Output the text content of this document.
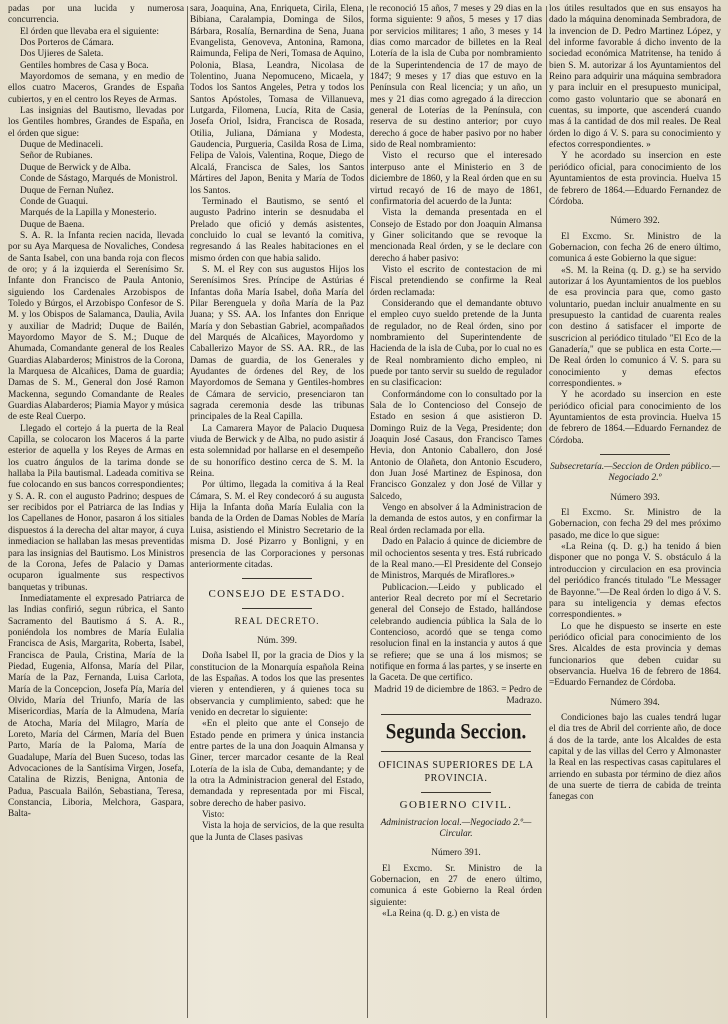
padas por una lucida y numerosa concurrencia.

El órden que llevaba era el siguiente:

Dos Porteros de Cámara.

Dos Ujieres de Saleta.

Gentiles hombres de Casa y Boca.

Mayordomos de semana, y en medio de ellos cuatro Maceros, Grandes de España cubiertos, y en el centro los Reyes de Armas.

Las insignias del Bautismo, llevadas por los Gentiles hombres, Grandes de España, en el órden que sigue:

Duque de Medinaceli.

Señor de Rubianes.

Duque de Berwick y de Alba.

Conde de Sástago, Marqués de Monistrol.

Duque de Fernan Nuñez.

Conde de Guaqui.

Marqués de la Lapilla y Monesterio.

Duque de Baena.

S. A. R. la Infanta recien nacida, llevada por su Aya Marquesa de Novaliches, Condesa de Santa Isabel, con una banda roja con flecos de oro; y á la izquierda el Serenísimo Sr. Infante don Francisco de Paula Antonio, siguiendo los Cardenales Arzobispos de Toledo y Búrgos, el Arzobispo Confesor de S. M. y los Obispos de Salamanca, Daulia, Avila y auxiliar de Madrid; Duque de Bailén, Mayordomo Mayor de S. M.; Duque de Ahumada, Comandante general de los Reales Guardias Alabarderos; Ministros de la Corona, la Marquesa de Alcañices, Dama de guardia; Damas de S. M., General don José Ramon Mackenna, segundo Comandante de Reales Guardias Alabarderos; Piamia Mayor y música de este Real Cuerpo.

Llegado el cortejo á la puerta de la Real Capilla, se colocaron los Maceros á la parte esterior de aquella y los Reyes de Armas en los cuatro ángulos de la tarima donde se hallaba la Pila bautismal. Ladeada comitiva se fue colocando en sus bancos correspondientes; y S. A. R. con el augusto Padrino; despues de ser recibidos por el Patriarca de las Indias y los Capellanes de Honor, pasaron á los sitiales dispuestos á la derecha del altar mayor, á cuya inmediacion se hallaban las mesas preventidas para las insignias del Bautismo. Los Ministros de la Corona, Jefes de Palacio y Damas ocuparon igualmente sus respectivos banquetas y tribunas.

Inmediatamente el expresado Patriarca de las Indias confirió, segun rúbrica, el Santo Sacramento del Bautismo á S. A. R., poniéndola los nombres de María Eulalia Francisca de Asis, Margarita, Roberta, Isabel, Francisca de Paula, Cristina, María de la Piedad, Eugenia, Alfonsa, María del Pilar, María de la Paz, Fernanda, Luisa Carlota, María de la Concepcion, Josefa Pía, María del Olvido, María del Triunfo, María de las Misericordias, María de la Almudena, María de Atocha, María del Milagro, María de Loreto, María del Cármen, María del Buen Parto, María de la Paloma, María de Guadalupe, María del Buen Suceso, todas las Advocaciones de la Santísima Virgen, Josefa, Catalina de Rizzis, Benigna, Antonia de Padua, Pascuala Bailón, Sebastiana, Teresa, Constancia, Liboria, Melchora, Gaspara, Balta-

sara, Joaquina, Ana, Enriqueta, Cirila, Elena, Bibiana, Caralampia, Dominga de Silos, Bárbara, Rosalía, Bernardina de Sena, Juana Evangelista, Genoveva, Antonina, Ramona, Raimunda, Felipa de Neri, Tomasa de Aquino, Polonia, Blasa, Leandra, Nicolasa de Tolentino, Juana Nepomuceno, Micaela, y Todos los Santos Angeles, Petra y todos los Santos Apóstoles, Tomasa de Villanueva, Lutgarda, Filomena, Lucía, Rita de Casia, Josefa Oriol, Isidra, Francisca de Rosada, Otilia, Juliana, Dámiana y Modesta, Gaudencia, Purgueria, Casilda Rosa de Lima, Felipa de Valois, Valentina, Roque, Diego de Alcalá, Francisca de Sales, los Santos Mártires del Japon, Benita y María de Todos los Santos.

Terminado el Bautismo, se sentó el augusto Padrino interin se desnudaba el Prelado que ofició y demás asistentes, concluido lo cual se levantó la comitiva, regresando á las Reales habitaciones en el mismo órden con que habia salido.

S. M. el Rey con sus augustos Hijos los Serenísimos Sres. Príncipe de Astúrias é Infantas doña María Isabel, doña María del Pilar Berenguela y doña María de la Paz Juana; y SS. AA. los Infantes don Enrique María y don Sebastian Gabriel, acompañados del Marqués de Alcañices, Mayordomo y Caballerizo Mayor de SS. AA. RR., de las Damas de guardia, de los Generales y Ayudantes de órdenes del Rey, de los Mayordomos de Semana y Gentiles-hombres de Cámara de servicio, presenciaron tan sagrada ceremonia desde las tribunas principales de la Real Capilla.

La Camarera Mayor de Palacio Duquesa viuda de Berwick y de Alba, no pudo asistir á esta solemnidad por hallarse en el desempeño de su honorífico destino cerca de S. M. la Reina.

Por último, llegada la comitiva á la Real Cámara, S. M. el Rey condecoró á su augusta Hija la Infanta doña María Eulalia con la banda de la Orden de Damas Nobles de María Luisa, asistiendo el Ministro Secretario de la misma D. José Pizarro y Bonligni, y en presencia de las Corporaciones y personas anteriormente citadas.

CONSEJO DE ESTADO.

REAL DECRETO.

Núm. 399.

Doña Isabel II, por la gracia de Dios y la constitucion de la Monarquía española Reina de las Españas. A todos los que las presentes vieren y entendieren, y á quienes toca su observancia y cumplimiento, sabed: que he venido en decretar lo siguiente:

«En el pleito que ante el Consejo de Estado pende en primera y única instancia entre partes de la una don Joaquin Almansa y Giner, tercer marcador cesante de la Real Lotería de la isla de Cuba, demandante; y de la otra la Administracion general del Estado, demandada y representada por mi Fiscal, sobre derecho de haber pasivo.

Visto:

Vista la hoja de servicios, de la que resulta que la Junta de Clases pasivas

le reconoció 15 años, 7 meses y 29 dias en la forma siguiente: 9 años, 5 meses y 17 dias por servicios militares; 1 año, 3 meses y 14 dias como marcador de billetes en la Real Lotería de la isla de Cuba por nombramiento de la Superintendencia de 17 de mayo de 1847; 9 meses y 17 dias que estuvo en la Península con Real licencia; y un año, un mes y 21 dias como agregado á la direccion general de Loterías de la Península, con reserva de su destino anterior; por cuyo derecho á goce de haber pasivo por no haber sido de Real nombramiento:

Visto el recurso que el interesado interpuso ante el Ministerio en 3 de diciembre de 1860, y la Real órden que en su virtud recayó de 16 de mayo de 1861, confirmatoria del acuerdo de la Junta:

Vista la demanda presentada en el Consejo de Estado por don Joaquin Almansa y Giner solicitando que se revoque la mencionada Real órden, y se le declare con derecho á haber pasivo:

Visto el escrito de contestacion de mi Fiscal pretendiendo se confirme la Real órden reclamada:

Considerando que el demandante obtuvo el empleo cuyo sueldo pretende de la Junta de regulador, no de Real órden, sino por nombramiento del Superintendente de Hacienda de la isla de Cuba, por lo cual no es de Real nombramiento dicho empleo, ni puede por tanto servir su sueldo de regulador en su clasificacion:

Conformándome con lo consultado por la Sala de lo Contencioso del Consejo de Estado en sesion á que asistieron D. Domingo Ruiz de la Vega, Presidente; don Joaquin José Casaus, don Francisco Tames Hevia, don Antonio Caballero, don José Antonio de Olañeta, don Antonio Escudero, don Juan José Martinez de Espinosa, don Francisco Gonzalez y don José de Villar y Salcedo,

Vengo en absolver á la Administracion de la demanda de estos autos, y en confirmar la Real órden reclamada por ella.

Dado en Palacio á quince de diciembre de mil ochocientos sesenta y tres. Está rubricado de la Real mano.—El Presidente del Consejo de Ministros, Marqués de Miraflores.»

Publicacion.—Leido y publicado el anterior Real decreto por mí el Secretario general del Consejo de Estado, hallándose celebrando audiencia pública la Sala de lo Contencioso, acordó que se tenga como resolucion final en la instancia y autos á que se refiere; que se una á los mismos; se notifique en forma á las partes, y se inserte en la Gaceta. De que certifico.

Madrid 19 de diciembre de 1863. = Pedro de Madrazo.

Segunda Seccion.

OFICINAS SUPERIORES DE LA PROVINCIA.

GOBIERNO CIVIL.

Administracion local.—Negociado 2.º—Circular.

Número 391.

El Excmo. Sr. Ministro de la Gobernacion, en 27 de enero último, comunica á este Gobierno la Real órden siguiente:

«La Reina (q. D. g.) en vista de

los útiles resultados que en sus ensayos ha dado la máquina denominada Sembradora, de la invencion de D. Pedro Martinez López, y del informe favorable á dicho invento de la sociedad económica Matritense, ha tenido á bien S. M. autorizar á los Ayuntamientos del Reino para adquirir una máquina sembradora y para incluir en el presupuesto municipal, como gasto voluntario que se abonará en cuentas, su importe, que ascenderá cuando mas á la cantidad de dos mil reales. De Real órden lo digo á V. S. para su conocimiento y efectos correspondientes. »

Y he acordado su insercion en este periódico oficial, para conocimiento de los Ayuntamientos de esta provincia. Huelva 15 de febrero de 1864.—Eduardo Fernandez de Córdoba.

Número 392.

El Excmo. Sr. Ministro de la Gobernacion, con fecha 26 de enero último, comunica á este Gobierno la que sigue:

«S. M. la Reina (q. D. g.) se ha servido autorizar á los Ayuntamientos de los pueblos de esa provincia para que, como gasto voluntario, puedan incluir anualmente en su presupuesto la cantidad de cuarenta reales con destino á satisfacer el importe de suscricion al periódico titulado "El Eco de la Ganadería," que se publica en esta Corte.—De Real órden lo comunico á V. S. para su conocimiento y demas efectos correspondientes. »

Y he acordado su insercion en este periódico oficial para conocimiento de los Ayuntamientos de esta provincia. Huelva 15 de febrero de 1864.—Eduardo Fernandez de Córdoba.

Subsecretaría.—Seccion de Orden público.—Negociado 2.º

Número 393.

El Excmo. Sr. Ministro de la Gobernacion, con fecha 29 del mes próximo pasado, me dice lo que sigue:

«La Reina (q. D. g.) ha tenido á bien disponer que no ponga V. S. obstáculo á la introduccion y circulacion en esa provincia del periódico francés titulado "Le Messager de Bayonne."—De Real órden lo digo á V. S. para su inteligencia y demas efectos correspondientes. »

Lo que he dispuesto se inserte en este periódico oficial para conocimiento de los Sres. Alcaldes de esta provincia y demas funcionarios que deben cuidar su observancia. Huelva 16 de febrero de 1864. =Eduardo Fernandez de Córdoba.

Número 394.

Condiciones bajo las cuales tendrá lugar el dia tres de Abril del corriente año, de doce á dos de la tarde, ante los Alcaldes de esta capital y de las villas del Cerro y Almonaster la Real en las respectivas casas capitulares el arriendo en subasta por término de diez años de una suerte de tierra de cabida de treinta fanegas con
